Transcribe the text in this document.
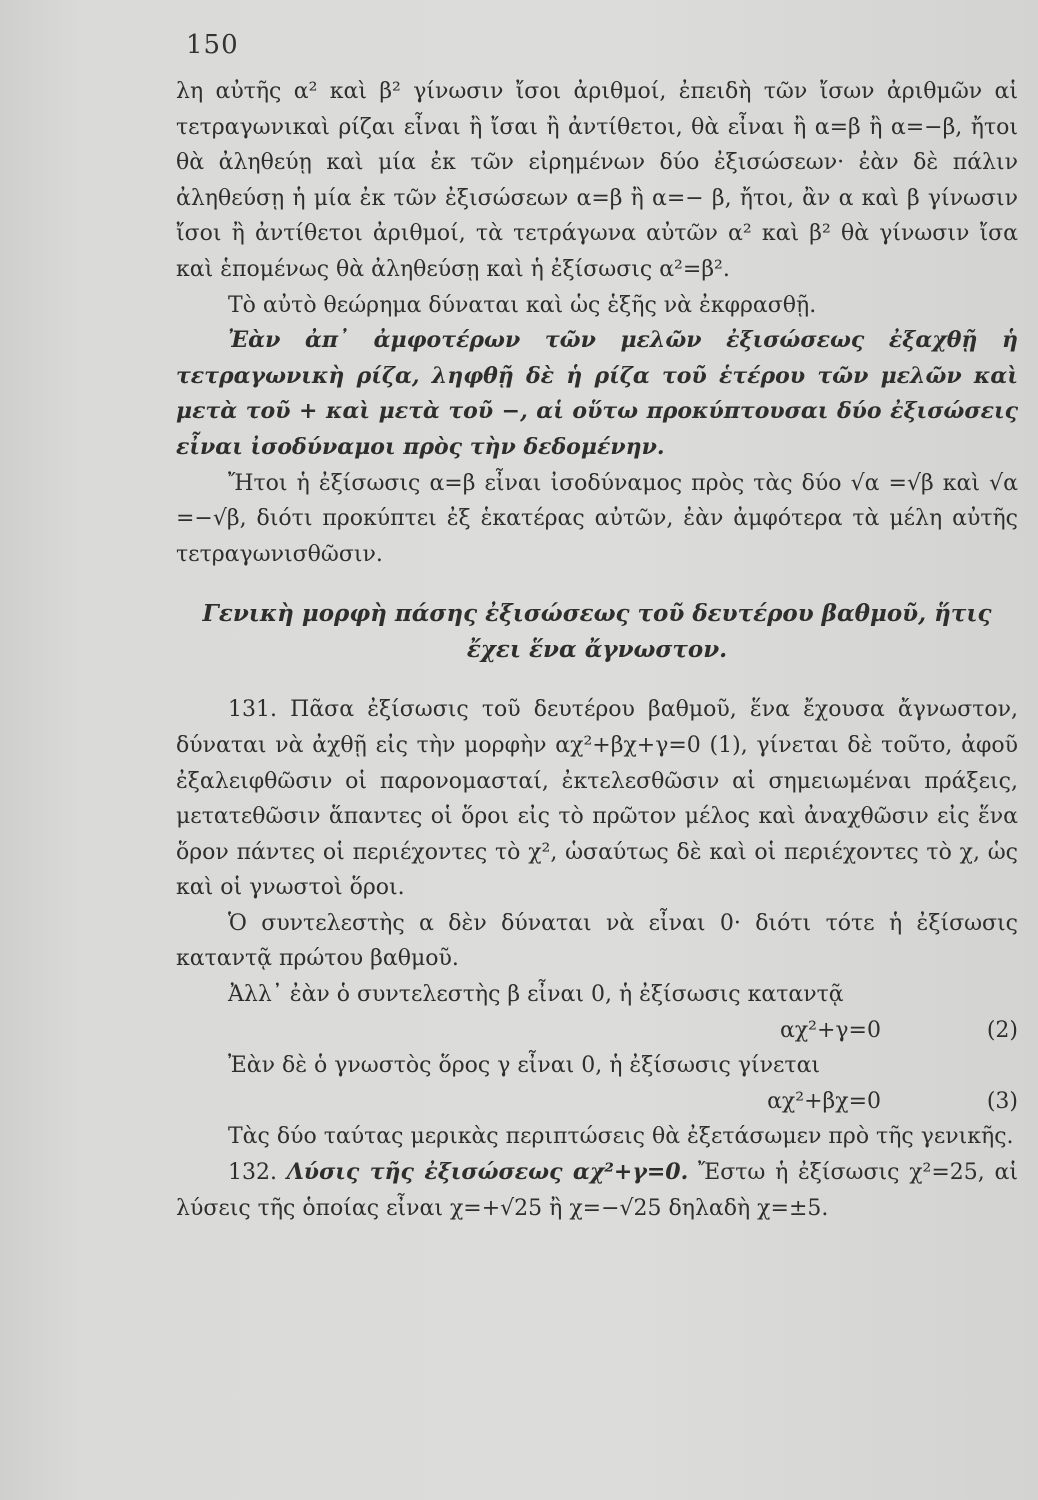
150

λη αὐτῆς α² καὶ β² γίνωσιν ἴσοι ἀριθμοί, ἐπειδὴ τῶν ἴσων ἀριθμῶν αἱ τετραγωνικαὶ ρίζαι εἶναι ἢ ἴσαι ἢ ἀντίθετοι, θὰ εἶναι ἢ α=β ἢ α=−β, ἤτοι θὰ ἀληθεύῃ καὶ μία ἐκ τῶν εἰρημένων δύο ἐξισώσεων· ἐὰν δὲ πάλιν ἀληθεύσῃ ἡ μία ἐκ τῶν ἐξισώσεων α=β ἢ α=− β, ἤτοι, ἂν α καὶ β γίνωσιν ἴσοι ἢ ἀντίθετοι ἀριθμοί, τὰ τετράγωνα αὐτῶν α² καὶ β² θὰ γίνωσιν ἴσα καὶ ἑπομένως θὰ ἀληθεύσῃ καὶ ἡ ἐξίσωσις α²=β².

Τὸ αὐτὸ θεώρημα δύναται καὶ ὡς ἑξῆς νὰ ἐκφρασθῇ.

Ἐὰν ἀπ᾽ ἀμφοτέρων τῶν μελῶν ἐξισώσεως ἐξαχθῇ ἡ τετραγωνικὴ ρίζα, ληφθῇ δὲ ἡ ρίζα τοῦ ἑτέρου τῶν μελῶν καὶ μετὰ τοῦ + καὶ μετὰ τοῦ −, αἱ οὕτω προκύπτουσαι δύο ἐξισώσεις εἶναι ἰσοδύναμοι πρὸς τὴν δεδομένην.

Ἤτοι ἡ ἐξίσωσις α=β εἶναι ἰσοδύναμος πρὸς τὰς δύο √α =√β καὶ √α =−√β, διότι προκύπτει ἐξ ἑκατέρας αὐτῶν, ἐὰν ἀμφότερα τὰ μέλη αὐτῆς τετραγωνισθῶσιν.

Γενικὴ μορφὴ πάσης ἐξισώσεως τοῦ δευτέρου βαθμοῦ, ἥτις ἔχει ἕνα ἄγνωστον.

131. Πᾶσα ἐξίσωσις τοῦ δευτέρου βαθμοῦ, ἕνα ἔχουσα ἄγνωστον, δύναται νὰ ἀχθῇ εἰς τὴν μορφὴν αχ²+βχ+γ=0 (1), γίνεται δὲ τοῦτο, ἀφοῦ ἐξαλειφθῶσιν οἱ παρονομασταί, ἐκτελεσθῶσιν αἱ σημειωμέναι πράξεις, μετατεθῶσιν ἅπαντες οἱ ὅροι εἰς τὸ πρῶτον μέλος καὶ ἀναχθῶσιν εἰς ἕνα ὅρον πάντες οἱ περιέχοντες τὸ χ², ὡσαύτως δὲ καὶ οἱ περιέχοντες τὸ χ, ὡς καὶ οἱ γνωστοὶ ὅροι.

Ὁ συντελεστὴς α δὲν δύναται νὰ εἶναι 0· διότι τότε ἡ ἐξίσωσις καταντᾷ πρώτου βαθμοῦ.

Ἀλλ᾽ ἐὰν ὁ συντελεστὴς β εἶναι 0, ἡ ἐξίσωσις καταντᾷ

αχ²+γ=0	(2)

Ἐὰν δὲ ὁ γνωστὸς ὅρος γ εἶναι 0, ἡ ἐξίσωσις γίνεται

αχ²+βχ=0	(3)

Τὰς δύο ταύτας μερικὰς περιπτώσεις θὰ ἐξετάσωμεν πρὸ τῆς γενικῆς.

132. Λύσις τῆς ἐξισώσεως αχ²+γ=0. Ἔστω ἡ ἐξίσωσις χ²=25, αἱ λύσεις τῆς ὁποίας εἶναι χ=+√25 ἢ χ=−√25 δηλαδὴ χ=±5.
